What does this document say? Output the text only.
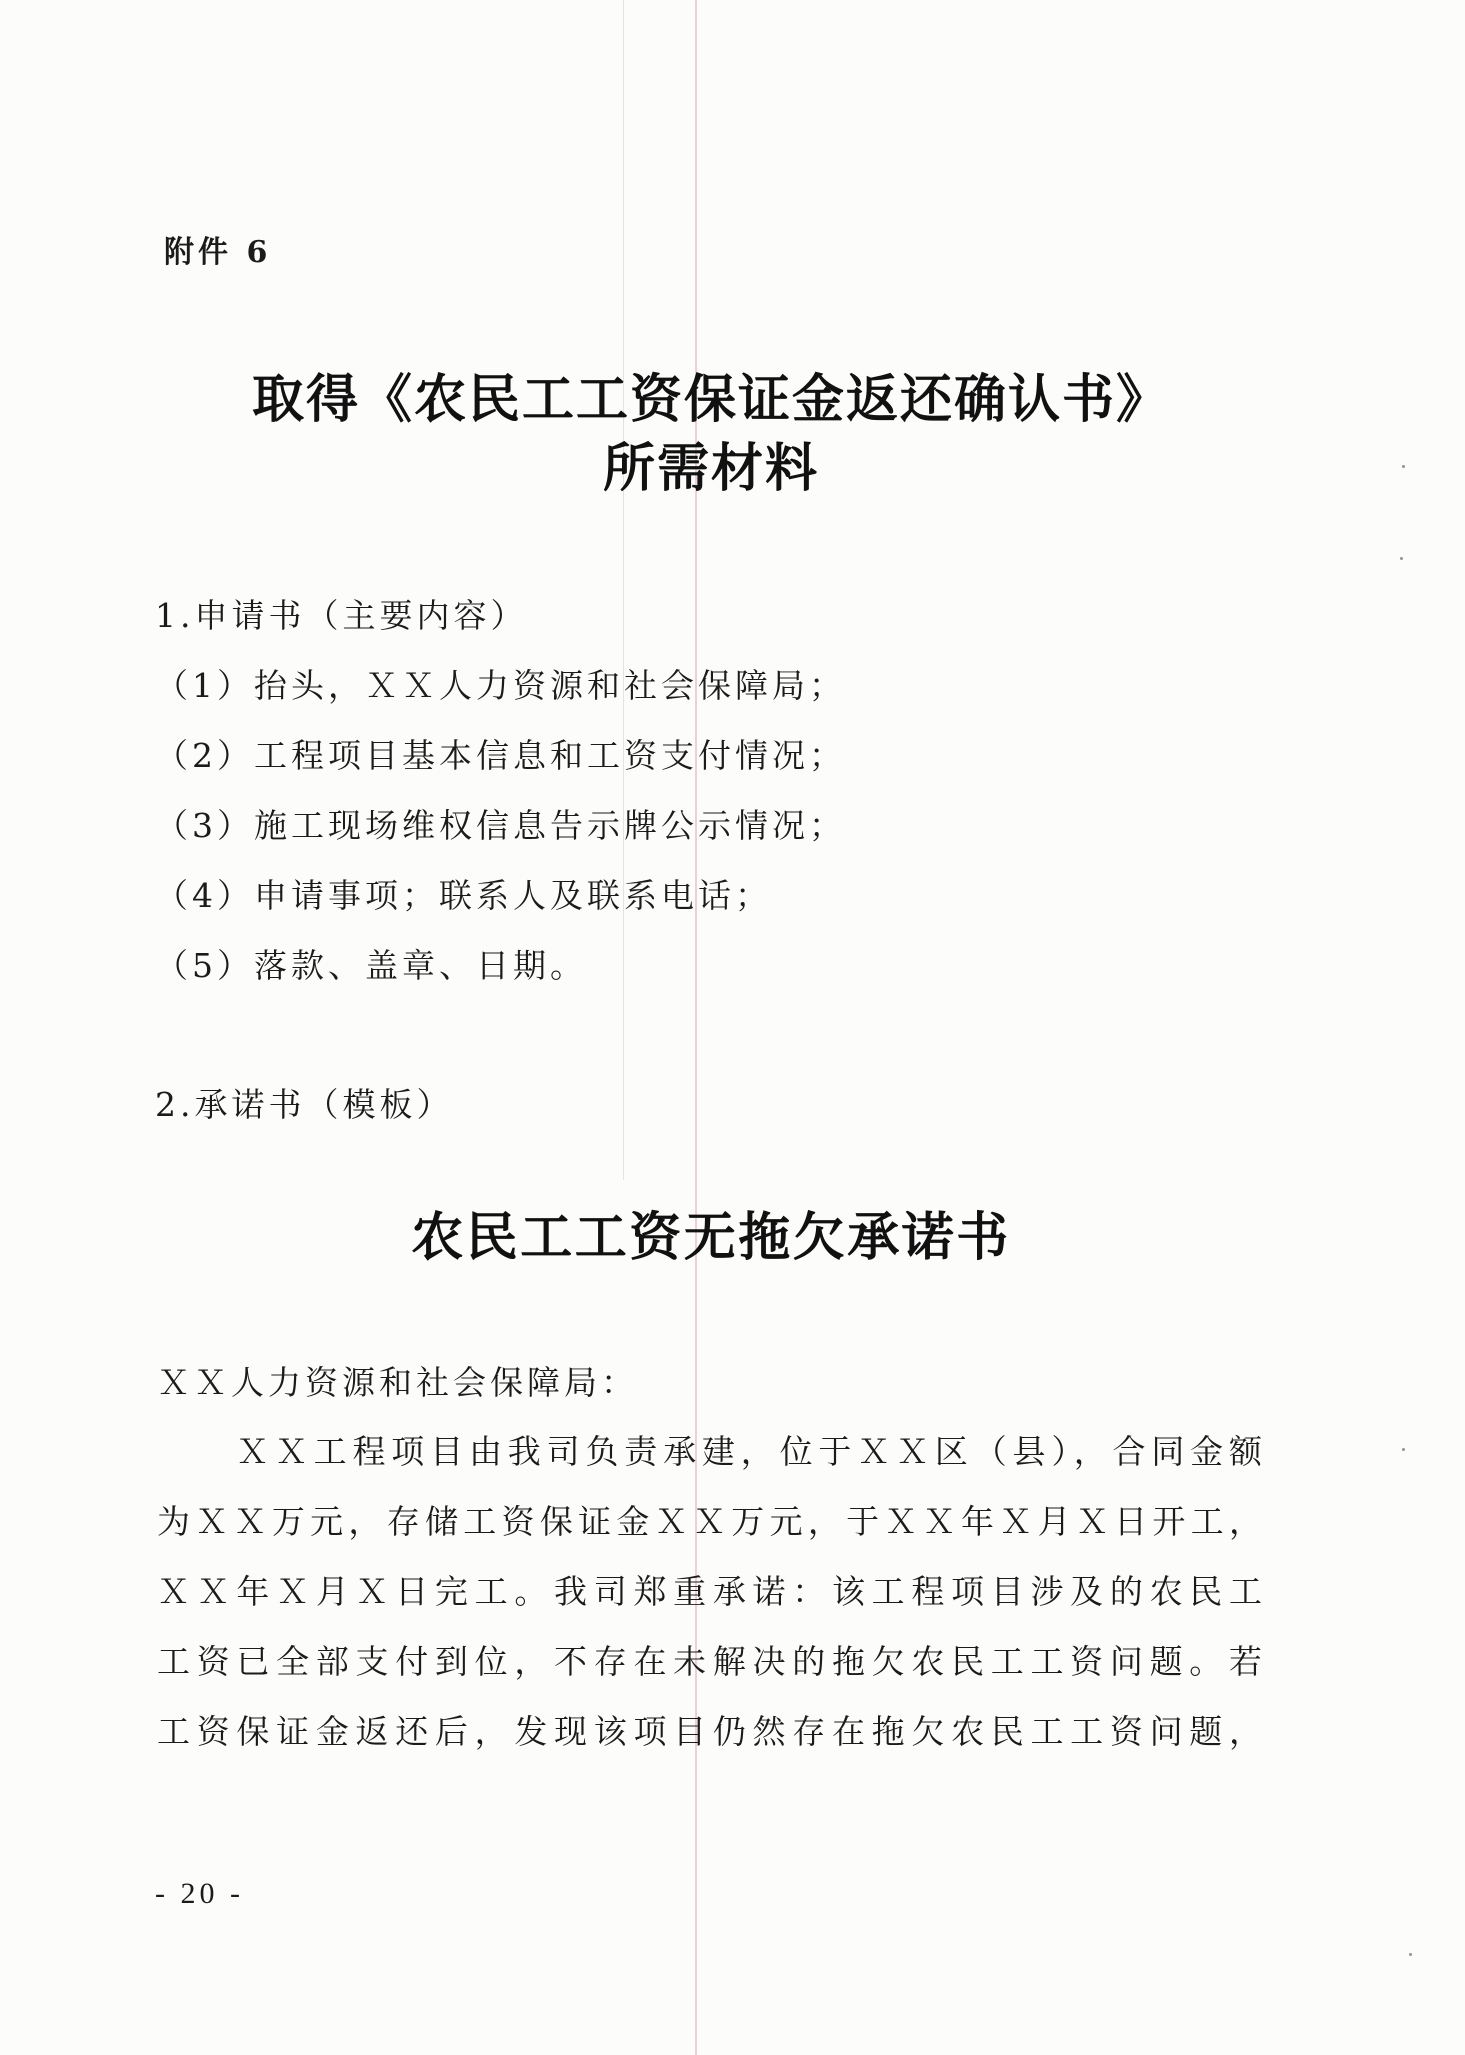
附件 6
取得《农民工工资保证金返还确认书》
所需材料
1.申请书（主要内容）
（1）抬头，ＸＸ人力资源和社会保障局；
（2）工程项目基本信息和工资支付情况；
（3）施工现场维权信息告示牌公示情况；
（4）申请事项；联系人及联系电话；
（5）落款、盖章、日期。
2.承诺书（模板）
农民工工资无拖欠承诺书
ＸＸ人力资源和社会保障局：
ＸＸ工程项目由我司负责承建，位于ＸＸ区（县），合同金额
为ＸＸ万元，存储工资保证金ＸＸ万元，于ＸＸ年Ｘ月Ｘ日开工，
ＸＸ年Ｘ月Ｘ日完工。我司郑重承诺：该工程项目涉及的农民工
工资已全部支付到位，不存在未解决的拖欠农民工工资问题。若
工资保证金返还后，发现该项目仍然存在拖欠农民工工资问题，
- 20 -
